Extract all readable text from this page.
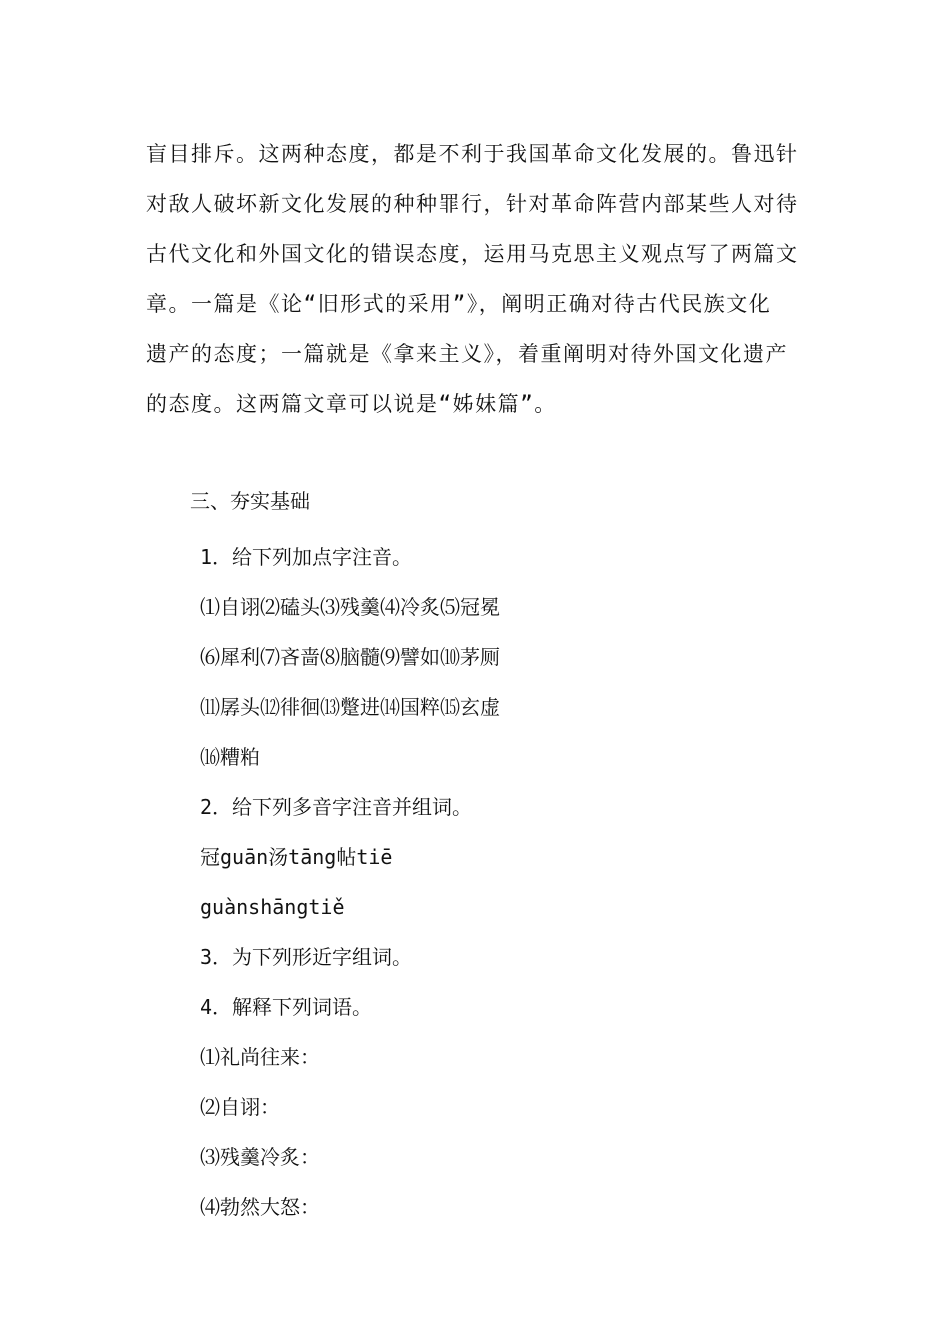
盲目排斥。这两种态度，都是不利于我国革命文化发展的。鲁迅针
对敌人破坏新文化发展的种种罪行，针对革命阵营内部某些人对待
古代文化和外国文化的错误态度，运用马克思主义观点写了两篇文
章。一篇是《论“旧形式的采用”》，阐明正确对待古代民族文化
遗产的态度；一篇就是《拿来主义》，着重阐明对待外国文化遗产
的态度。这两篇文章可以说是“姊妹篇”。
三、夯实基础
1．给下列加点字注音。
⑴自诩⑵磕头⑶残羹⑷冷炙⑸冠冕
⑹犀利⑺吝啬⑻脑髓⑼譬如⑽茅厕
⑾孱头⑿徘徊⒀蹩进⒁国粹⒂玄虚
⒃糟粕
2．给下列多音字注音并组词。
冠guān汤tāng帖tiē
guànshāngtiě
3．为下列形近字组词。
4．解释下列词语。
⑴礼尚往来：
⑵自诩：
⑶残羹冷炙：
⑷勃然大怒：
